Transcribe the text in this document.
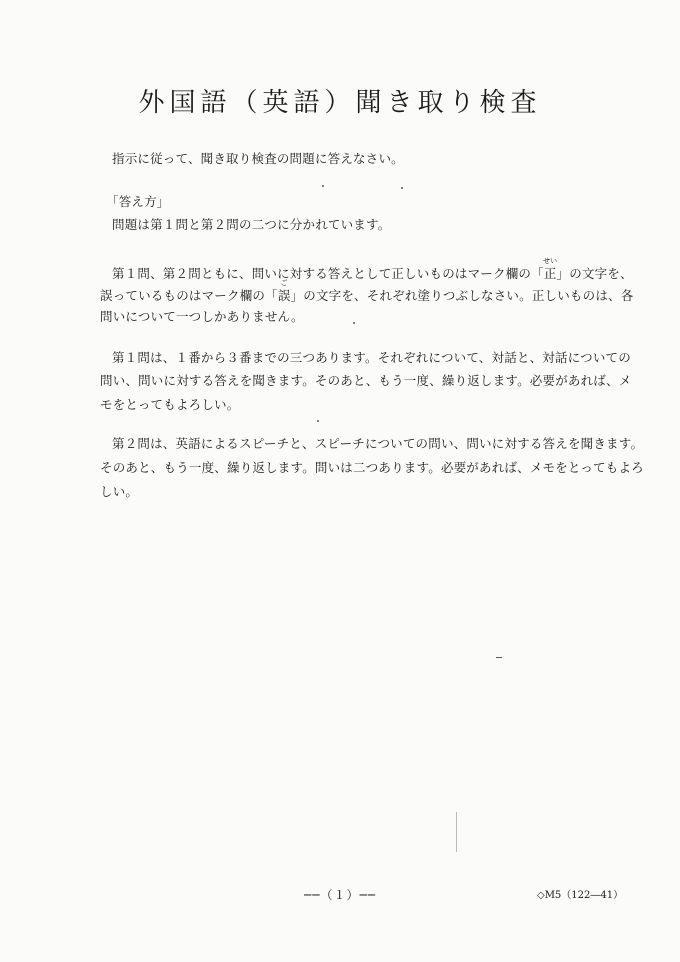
外国語（英語）聞き取り検査
指示に従って、聞き取り検査の問題に答えなさい。
「答え方」
問題は第１問と第２問の二つに分かれています。
第１問、第２問ともに、問いに対する答えとして正しいものはマーク欄の「
せい
正」の文字を、
誤っているものはマーク欄の「
ご
誤」の文字を、それぞれ塗りつぶしなさい。正しいものは、各
問いについて一つしかありません。
第１問は、１番から３番までの三つあります。それぞれについて、対話と、対話についての
問い、問いに対する答えを聞きます。そのあと、もう一度、繰り返します。必要があれば、メ
モをとってもよろしい。
第２問は、英語によるスピーチと、スピーチについての問い、問いに対する答えを聞きます。
そのあと、もう一度、繰り返します。問いは二つあります。必要があれば、メモをとってもよろ
しい。
──（１）──	◇M5（122―41）
